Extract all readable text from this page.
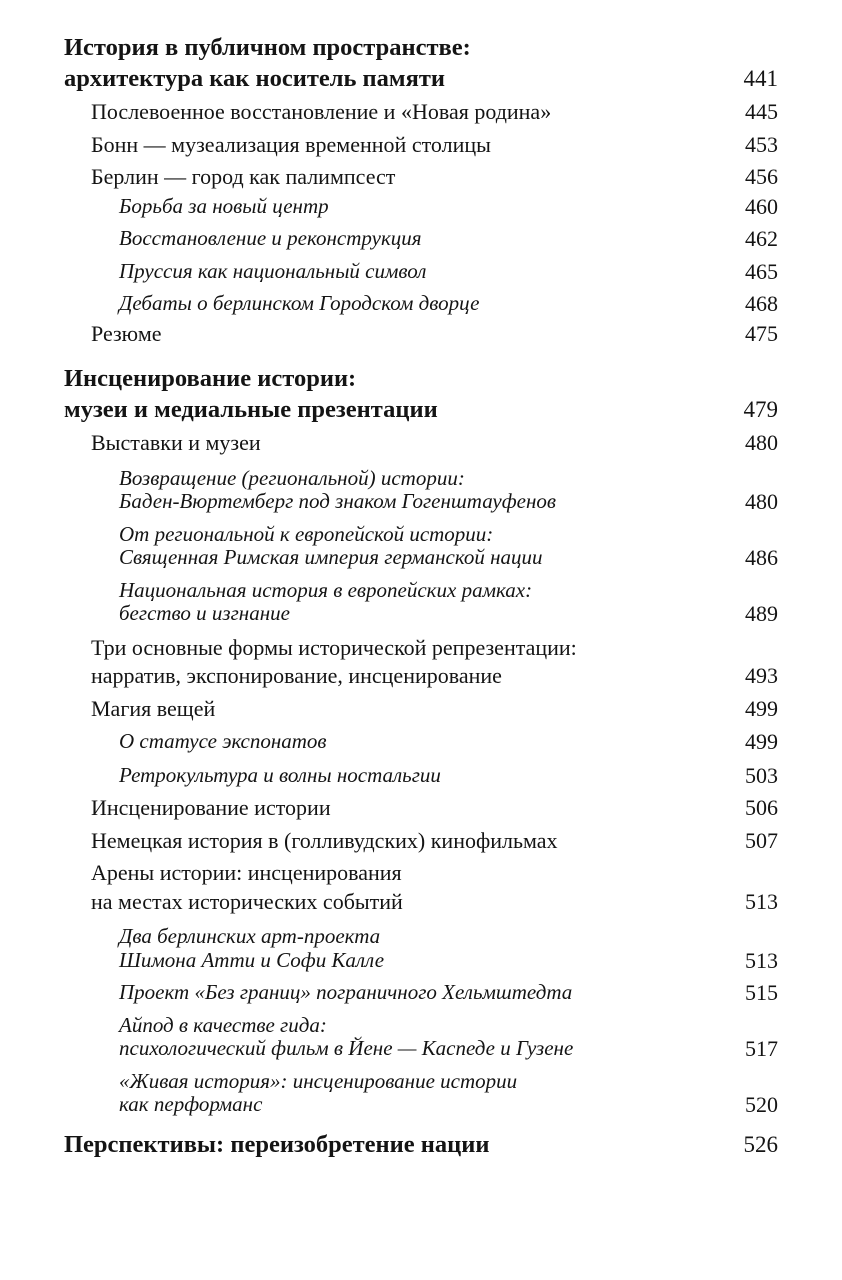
История в публичном пространстве:
архитектура как носитель памяти	441
Послевоенное восстановление и «Новая родина»	445
Бонн — музеализация временной столицы	453
Берлин — город как палимпсест	456
Борьба за новый центр	460
Восстановление и реконструкция	462
Пруссия как национальный символ	465
Дебаты о берлинском Городском дворце	468
Резюме	475
Инсценирование истории:
музеи и медиальные презентации	479
Выставки и музеи	480
Возвращение (региональной) истории:
Баден-Вюртемберг под знаком Гогенштауфенов	480
От региональной к европейской истории:
Священная Римская империя германской нации	486
Национальная история в европейских рамках:
бегство и изгнание	489
Три основные формы исторической репрезентации:
нарратив, экспонирование, инсценирование	493
Магия вещей	499
О статусе экспонатов	499
Ретрокультура и волны ностальгии	503
Инсценирование истории	506
Немецкая история в (голливудских) кинофильмах	507
Арены истории: инсценирования
на местах исторических событий	513
Два берлинских арт-проекта
Шимона Атти и Софи Калле	513
Проект «Без границ» пограничного Хельмштедта	515
Айпод в качестве гида:
психологический фильм в Йене — Каспеде и Гузене	517
«Живая история»: инсценирование истории
как перформанс	520
Перспективы: переизобретение нации	526
